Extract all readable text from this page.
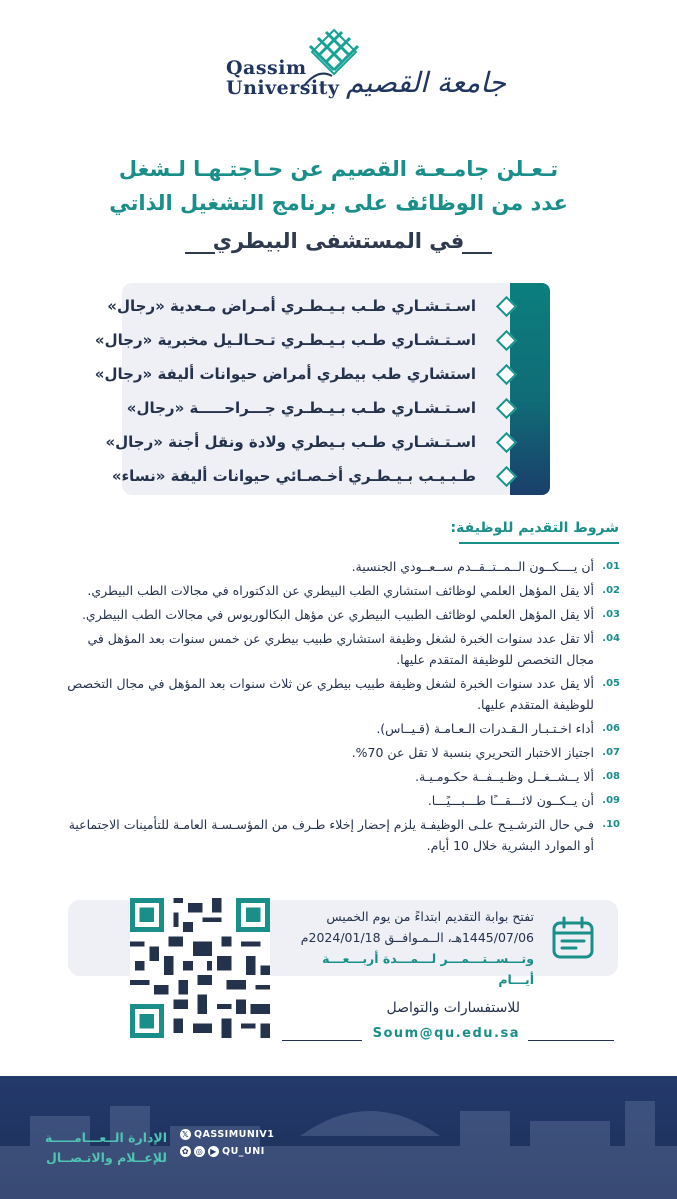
Qassim
University جامعة القصيم
تـعـلن جامـعـة القصيم عن حـاجتـهـا لـشغل
عدد من الوظائف على برنامج التشغيل الذاتي
في المستشفى البيطري
اسـتـشـاري طـب بـيـطـري أمـراض مـعدية «رجال»
اسـتـشـاري طـب بـيـطـري تـحـالـيل مخبرية «رجال»
استشاري طب بيطري أمراض حيوانات أليفة «رجال»
اسـتـشـاري طـب بـيـطـري جـــراحـــــة «رجال»
اسـتـشـاري طـب بـيطري ولادة ونقل أجنة «رجال»
طـبـيـب بـيـطـري أخـصـائي حيوانات أليفة «نساء»
شروط التقديم للوظيفة:
01.
أن يــــكــون الــمــتــقــدم ســعــودي الجنسية.
02.
ألا يقل المؤهل العلمي لوظائف استشاري الطب البيطري عن الدكتوراه في مجالات الطب البيطري.
03.
ألا يقل المؤهل العلمي لوظائف الطبيب البيطري عن مؤهل البكالوريوس في مجالات الطب البيطري.
04.
ألا تقل عدد سنوات الخبرة لشغل وظيفة استشاري طبيب بيطري عن خمس سنوات بعد المؤهل في مجال التخصص للوظيفة المتقدم عليها.
05.
ألا يقل عدد سنوات الخبرة لشغل وظيفة طبيب بيطري عن ثلاث سنوات بعد المؤهل في مجال التخصص للوظيفة المتقدم عليها.
06.
أداء اخـتـبـار الـقـدرات الـعـامـة (قـيــاس).
07.
اجتياز الاختبار التحريري بنسبة لا تقل عن 70%.
08.
ألا يــشــغــل وظـيــفــة حكـومـيـة.
09.
أن يــكــون لائـــقـــًا طـــبـــيًـــا.
10.
فـي حال الترشـيـح علـى الوظيفـة يلزم إحضار إخلاء طـرف من المؤسـسـة العامـة للتأمينات الاجتماعية أو الموارد البشرية خلال 10 أيام.
تفتح بوابة التقديم ابتداءً من يوم الخميس
1445/07/06هـ، الــمـوافــق 2024/01/18م
وتـــســتـــمـــر لـــمـــدة أربـــعـــة أيـــام
للاستفسارات والتواصل
Soum@qu.edu.sa
الإدارة الــعـــامـــــة
للإعــلام والاتـصــال
𝕏 QASSIMUNIV1
✿ ◎ ▶ QU_UNI
